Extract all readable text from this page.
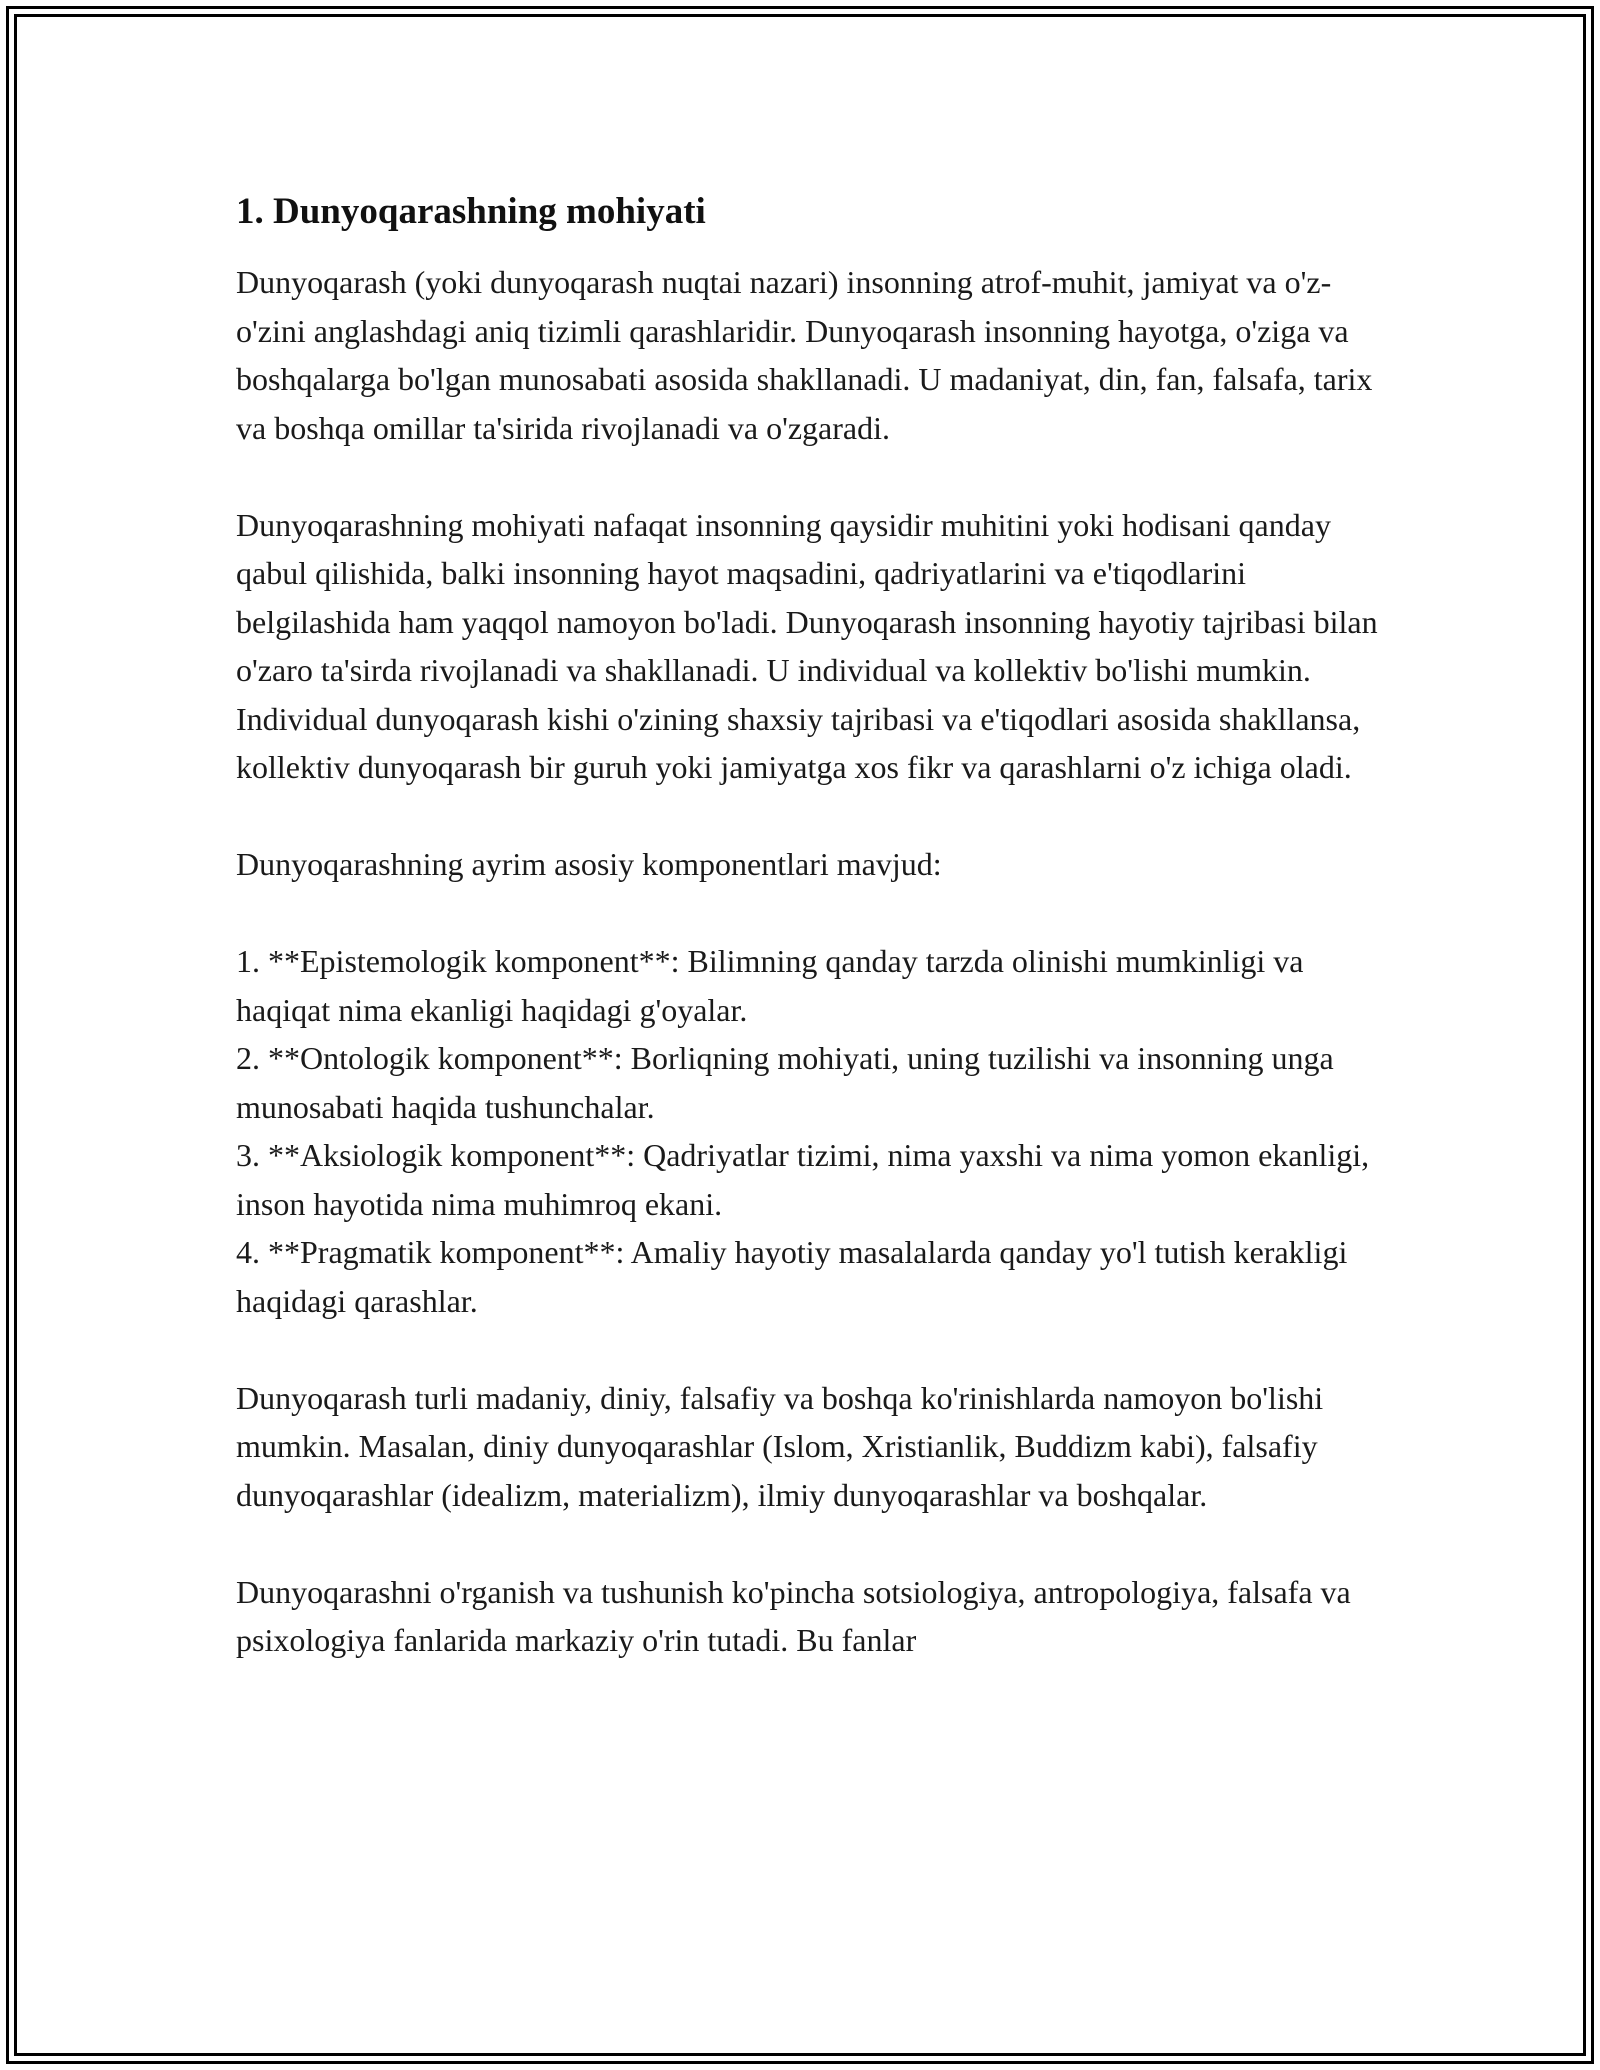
1. Dunyoqarashning mohiyati

Dunyoqarash (yoki dunyoqarash nuqtai nazari) insonning atrof-muhit, jamiyat va o'z-o'zini anglashdagi aniq tizimli qarashlaridir. Dunyoqarash insonning hayotga, o'ziga va boshqalarga bo'lgan munosabati asosida shakllanadi. U madaniyat, din, fan, falsafa, tarix va boshqa omillar ta'sirida rivojlanadi va o'zgaradi.

Dunyoqarashning mohiyati nafaqat insonning qaysidir muhitini yoki hodisani qanday qabul qilishida, balki insonning hayot maqsadini, qadriyatlarini va e'tiqodlarini belgilashida ham yaqqol namoyon bo'ladi. Dunyoqarash insonning hayotiy tajribasi bilan o'zaro ta'sirda rivojlanadi va shakllanadi. U individual va kollektiv bo'lishi mumkin. Individual dunyoqarash kishi o'zining shaxsiy tajribasi va e'tiqodlari asosida shakllansa, kollektiv dunyoqarash bir guruh yoki jamiyatga xos fikr va qarashlarni o'z ichiga oladi.

Dunyoqarashning ayrim asosiy komponentlari mavjud:

1. **Epistemologik komponent**: Bilimning qanday tarzda olinishi mumkinligi va haqiqat nima ekanligi haqidagi g'oyalar.

2. **Ontologik komponent**: Borliqning mohiyati, uning tuzilishi va insonning unga munosabati haqida tushunchalar.

3. **Aksiologik komponent**: Qadriyatlar tizimi, nima yaxshi va nima yomon ekanligi, inson hayotida nima muhimroq ekani.

4. **Pragmatik komponent**: Amaliy hayotiy masalalarda qanday yo'l tutish kerakligi haqidagi qarashlar.

Dunyoqarash turli madaniy, diniy, falsafiy va boshqa ko'rinishlarda namoyon bo'lishi mumkin. Masalan, diniy dunyoqarashlar (Islom, Xristianlik, Buddizm kabi), falsafiy dunyoqarashlar (idealizm, materializm), ilmiy dunyoqarashlar va boshqalar.

Dunyoqarashni o'rganish va tushunish ko'pincha sotsiologiya, antropologiya, falsafa va psixologiya fanlarida markaziy o'rin tutadi. Bu fanlar
